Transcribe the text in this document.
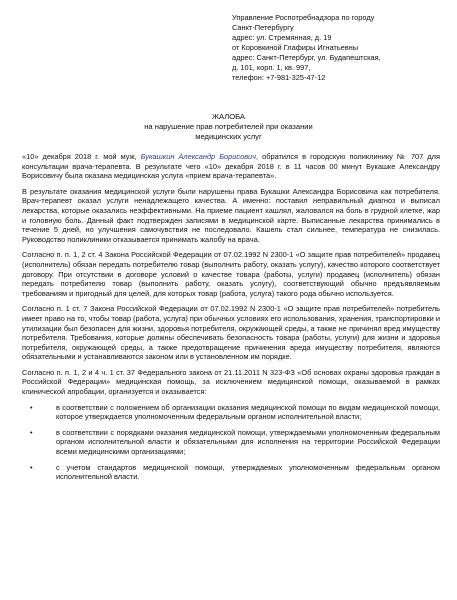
Управление Роспотребнадзора по городу
Санкт-Петербургу
адрес: ул. Стремянная, д. 19
от Коровкиной Глафиры Игнатьевны
адрес: Санкт-Петербург, ул. Будапештская,
д. 101, корп. 1, кв. 997,
телефон: +7-981-325-47-12
ЖАЛОБА
на нарушение прав потребителей при оказании
медицинских услуг

«10» декабря 2018 г. мой муж, Букашкин Александр Борисович, обратился в городскую поликлинику № 707 для консультации врача-терапевта. В результате чего «10» декабря 2018 г. в 11 часов 00 минут Букашке Александру Борисовичу была оказана медицинская услуга «прием врача-терапевта».

В результате оказания медицинской услуги были нарушены права Букашки Александра Борисовича как потребителя. Врач-терапевт оказал услуги ненадлежащего качества. А именно: поставил неправильный диагноз и выписал лекарства, которые оказались неэффективными. На приеме пациент кашлял, жаловался на боль в грудной клетке, жар и головную боль. Данный факт подтвержден записями в медицинской карте. Выписанные лекарства принимались в течение 5 дней, но улучшения самочувствия не последовало. Кашель стал сильнее, температура не снизилась. Руководство поликлиники отказывается принимать жалобу на врача.

Согласно п. п. 1, 2 ст. 4 Закона Российской Федерации от 07.02.1992 N 2300-1 «О защите прав потребителей» продавец (исполнитель) обязан передать потребителю товар (выполнить работу, оказать услугу), качество которого соответствует договору. При отсутствии в договоре условий о качестве товара (работы, услуги) продавец (исполнитель) обязан передать потребителю товар (выполнить работу, оказать услугу), соответствующий обычно предъявляемым требованиям и пригодный для целей, для которых товар (работа, услуга) такого рода обычно используется.

Согласно п. 1 ст. 7 Закона Российской Федерации от 07.02.1992 N 2300-1 «О защите прав потребителей» потребитель имеет право на то, чтобы товар (работа, услуга) при обычных условиях его использования, хранения, транспортировки и утилизации был безопасен для жизни, здоровья потребителя, окружающей среды, а также не причинял вред имуществу потребителя. Требования, которые должны обеспечивать безопасность товара (работы, услуги) для жизни и здоровья потребителя, окружающей среды, а также предотвращение причинения вреда имуществу потребителя, являются обязательными и устанавливаются законом или в установленном им порядке.

Согласно п. п. 1, 2 и 4 ч. 1 ст. 37 Федерального закона от 21.11.2011 N 323-ФЗ «Об основах охраны здоровья граждан в Российской Федерации» медицинская помощь, за исключением медицинской помощи, оказываемой в рамках клинической апробации, организуется и оказывается:

•	в соответствии с положением об организации оказания медицинской помощи по видам медицинской помощи, которое утверждается уполномоченным федеральным органом исполнительной власти;
•	в соответствии с порядками оказания медицинской помощи, утверждаемыми уполномоченным федеральным органом исполнительной власти и обязательными для исполнения на территории Российской Федерации всеми медицинскими организациями;
•	с учетом стандартов медицинской помощи, утверждаемых уполномоченным федеральным органом исполнительной власти.
